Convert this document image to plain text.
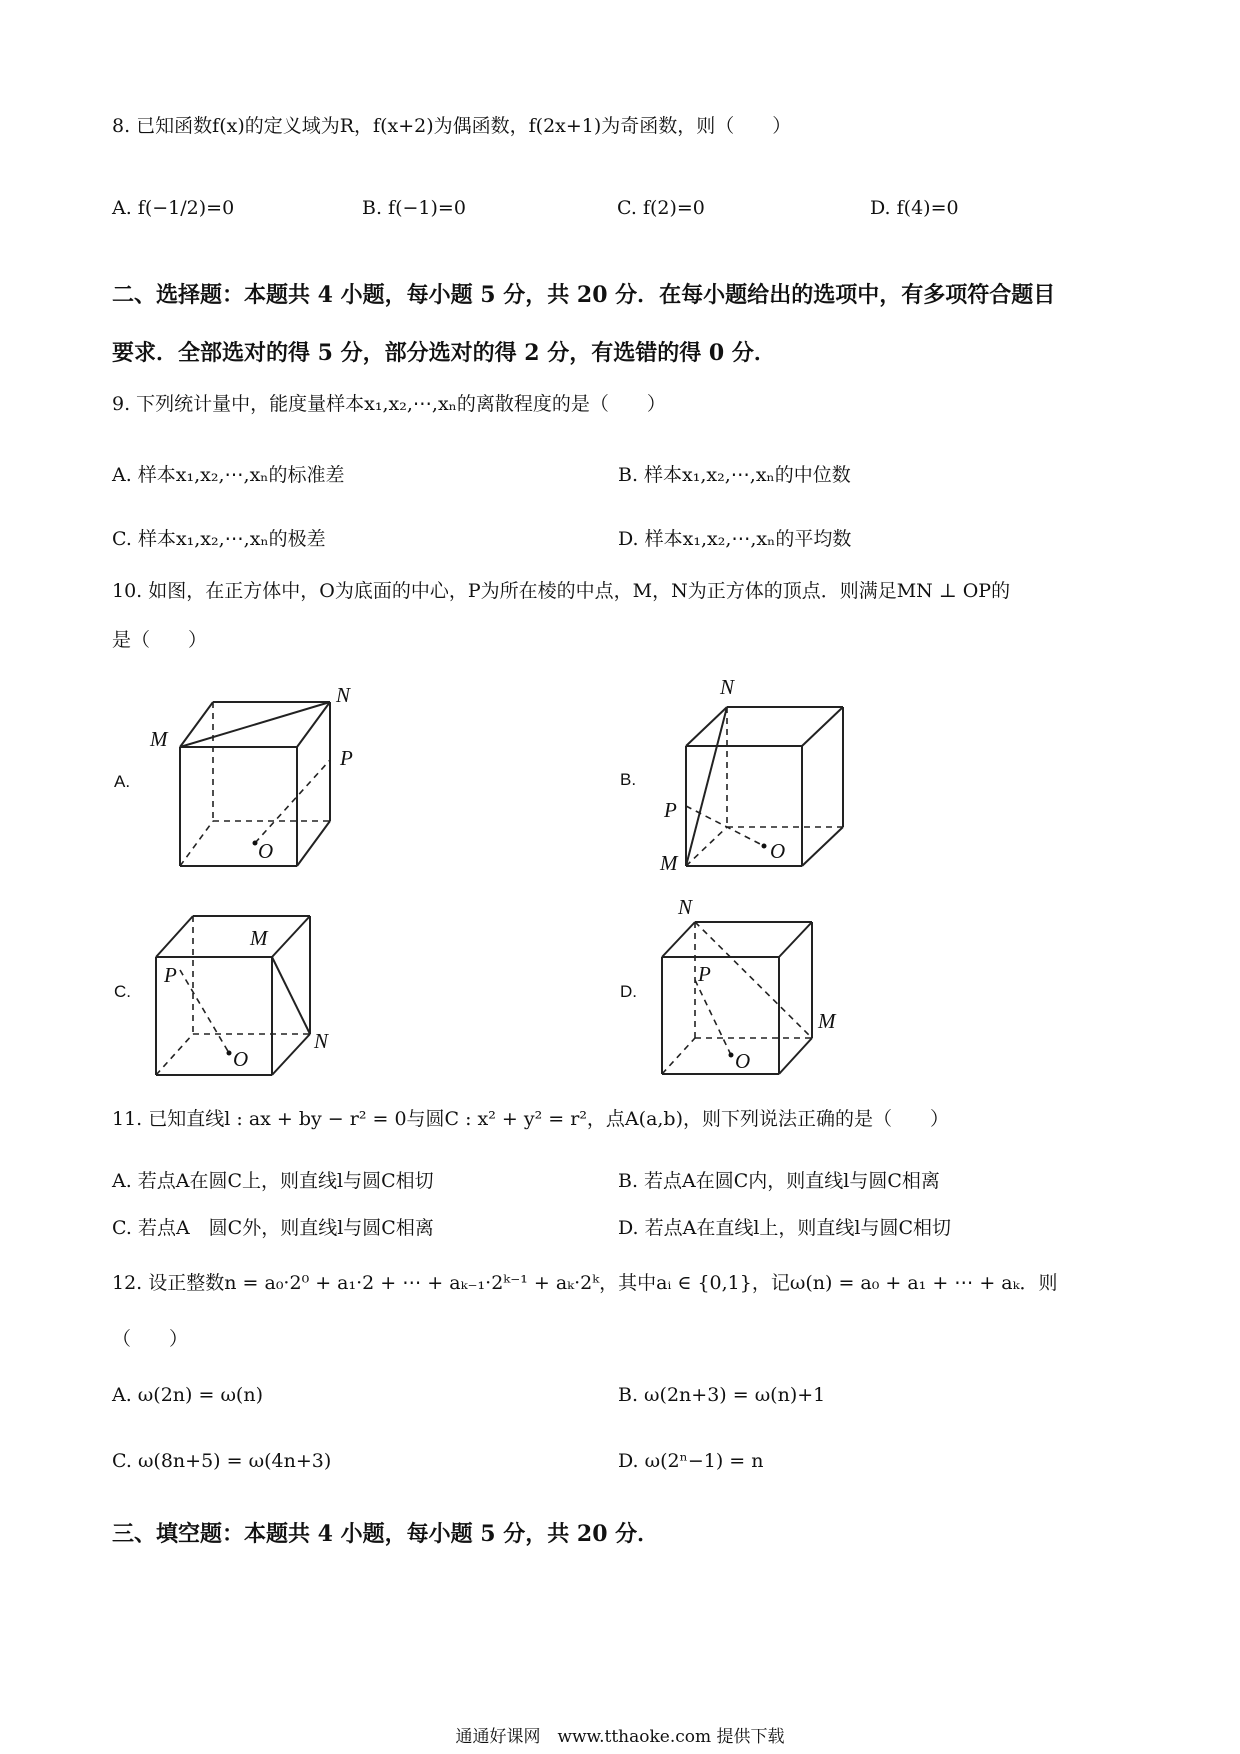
8. 已知函数f(x)的定义域为R，f(x+2)为偶函数，f(2x+1)为奇函数，则（　　）
A. f(−1/2)=0	B. f(−1)=0	C. f(2)=0	D. f(4)=0
二、选择题：本题共 4 小题，每小题 5 分，共 20 分．在每小题给出的选项中，有多项符合题目
要求．全部选对的得 5 分，部分选对的得 2 分，有选错的得 0 分．
9. 下列统计量中，能度量样本x₁,x₂,⋯,xₙ的离散程度的是（　　）
A. 样本x₁,x₂,⋯,xₙ的标准差	B. 样本x₁,x₂,⋯,xₙ的中位数
C. 样本x₁,x₂,⋯,xₙ的极差	D. 样本x₁,x₂,⋯,xₙ的平均数
10. 如图，在正方体中，O为底面的中心，P为所在棱的中点，M，N为正方体的顶点．则满足MN ⊥ OP的
是（　　）
A.	B.
C.	D.
M
N
P
O
N
P
M	O
M
N
P
O
N
M
P
O
11. 已知直线l : ax + by − r² = 0与圆C : x² + y² = r²，点A(a,b)，则下列说法正确的是（　　）
A. 若点A在圆C上，则直线l与圆C相切	B. 若点A在圆C内，则直线l与圆C相离
C. 若点A　圆C外，则直线l与圆C相离	D. 若点A在直线l上，则直线l与圆C相切
12. 设正整数n = a₀·2⁰ + a₁·2 + ⋯ + aₖ₋₁·2ᵏ⁻¹ + aₖ·2ᵏ，其中aᵢ ∈ {0,1}，记ω(n) = a₀ + a₁ + ⋯ + aₖ．则
（　　）
A. ω(2n) = ω(n)	B. ω(2n+3) = ω(n)+1
C. ω(8n+5) = ω(4n+3)	D. ω(2ⁿ−1) = n
三、填空题：本题共 4 小题，每小题 5 分，共 20 分．
通通好课网　www.tthaoke.com 提供下载
